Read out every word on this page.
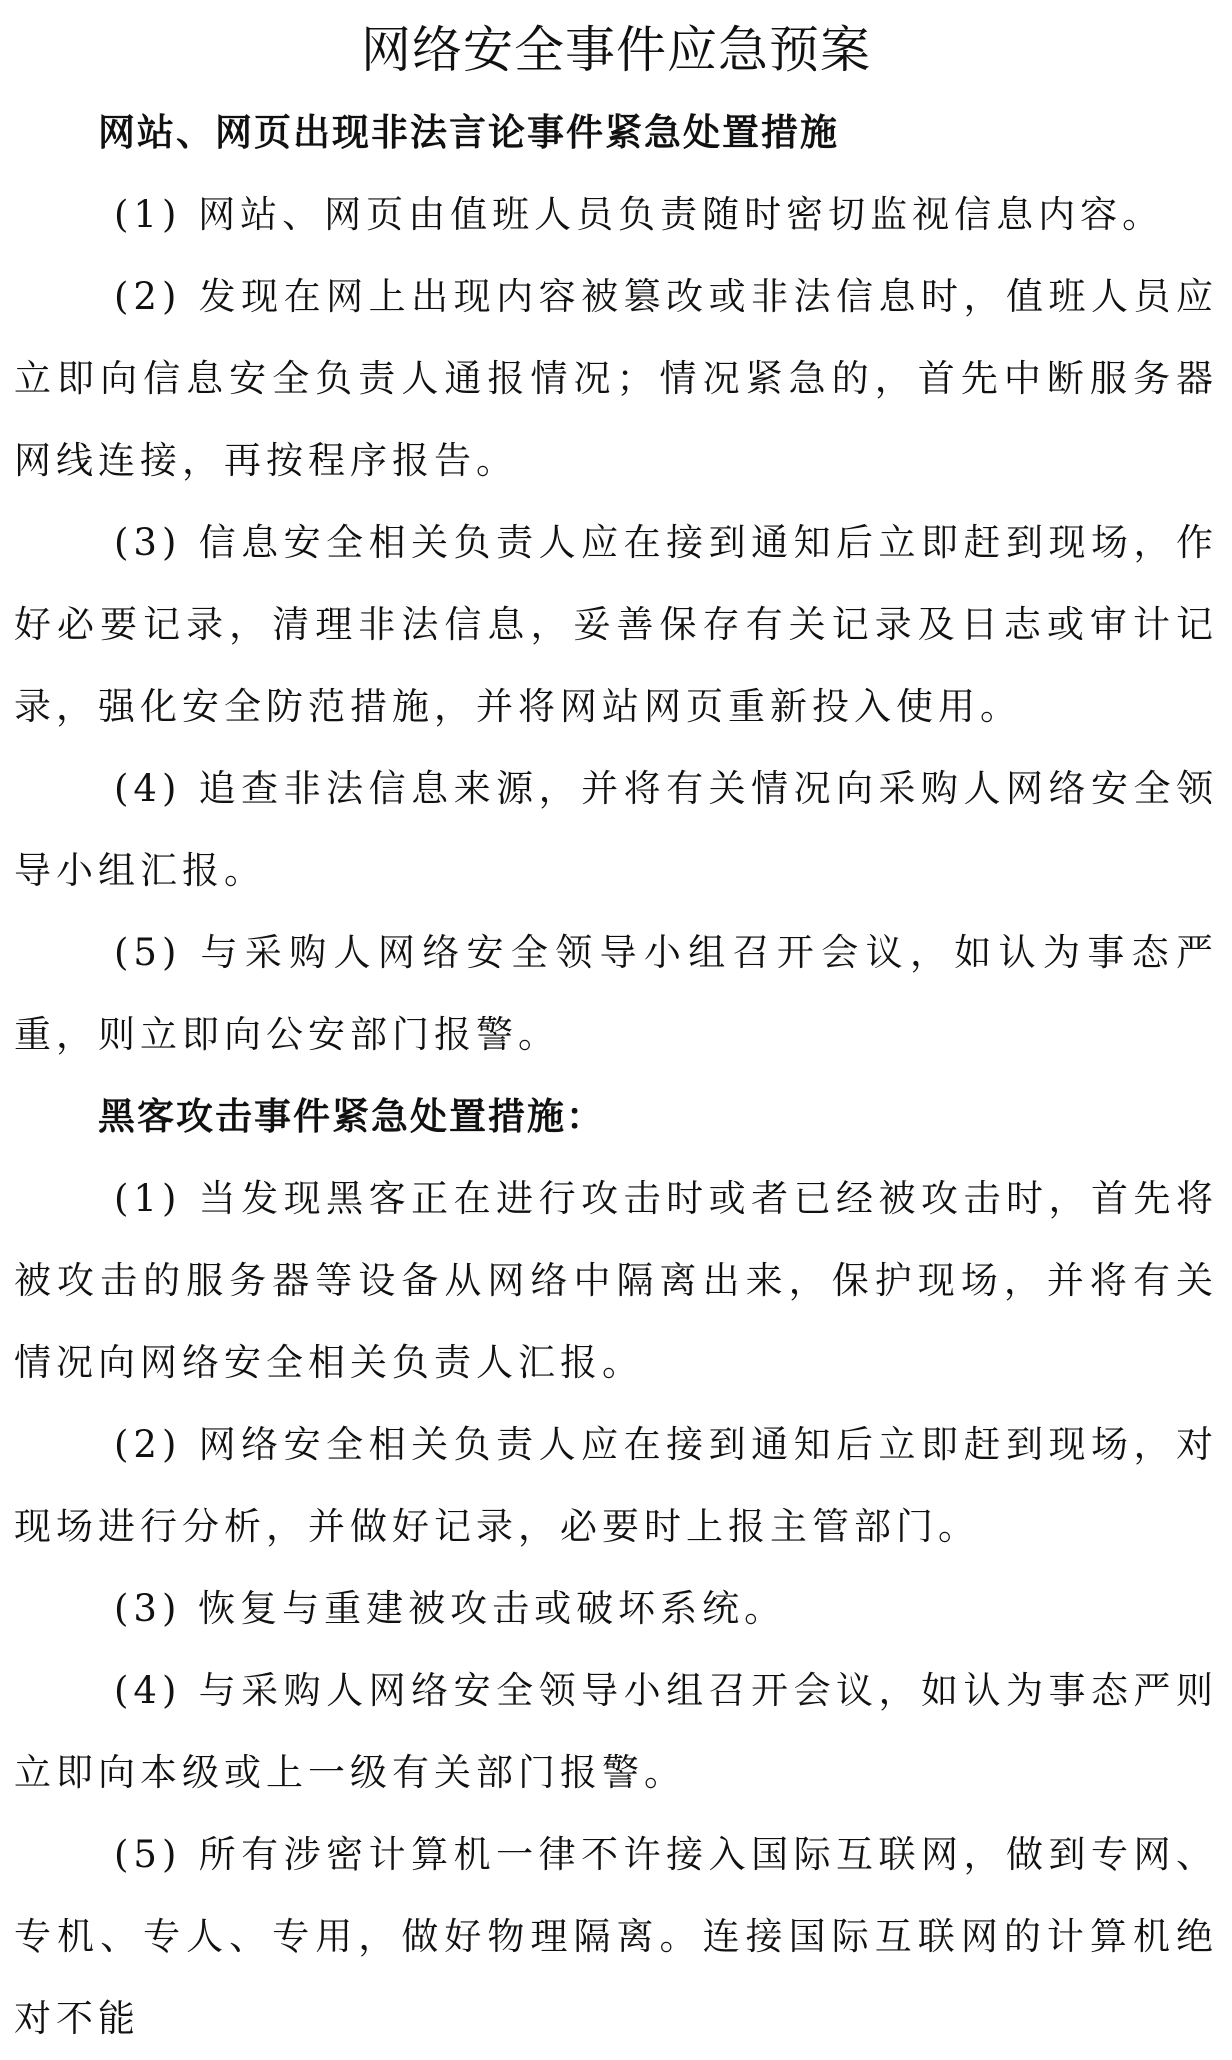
网络安全事件应急预案
网站、网页出现非法言论事件紧急处置措施

(1) 网站、网页由值班人员负责随时密切监视信息内容。

(2) 发现在网上出现内容被篡改或非法信息时，值班人员应立即向信息安全负责人通报情况；情况紧急的，首先中断服务器网线连接，再按程序报告。

(3) 信息安全相关负责人应在接到通知后立即赶到现场，作好必要记录，清理非法信息，妥善保存有关记录及日志或审计记录，强化安全防范措施，并将网站网页重新投入使用。

(4) 追查非法信息来源，并将有关情况向采购人网络安全领导小组汇报。

(5) 与采购人网络安全领导小组召开会议，如认为事态严重，则立即向公安部门报警。

黑客攻击事件紧急处置措施：

(1) 当发现黑客正在进行攻击时或者已经被攻击时，首先将被攻击的服务器等设备从网络中隔离出来，保护现场，并将有关情况向网络安全相关负责人汇报。

(2) 网络安全相关负责人应在接到通知后立即赶到现场，对现场进行分析，并做好记录，必要时上报主管部门。

(3) 恢复与重建被攻击或破坏系统。

(4) 与采购人网络安全领导小组召开会议，如认为事态严则立即向本级或上一级有关部门报警。

(5) 所有涉密计算机一律不许接入国际互联网，做到专网、专机、专人、专用，做好物理隔离。连接国际互联网的计算机绝对不能
